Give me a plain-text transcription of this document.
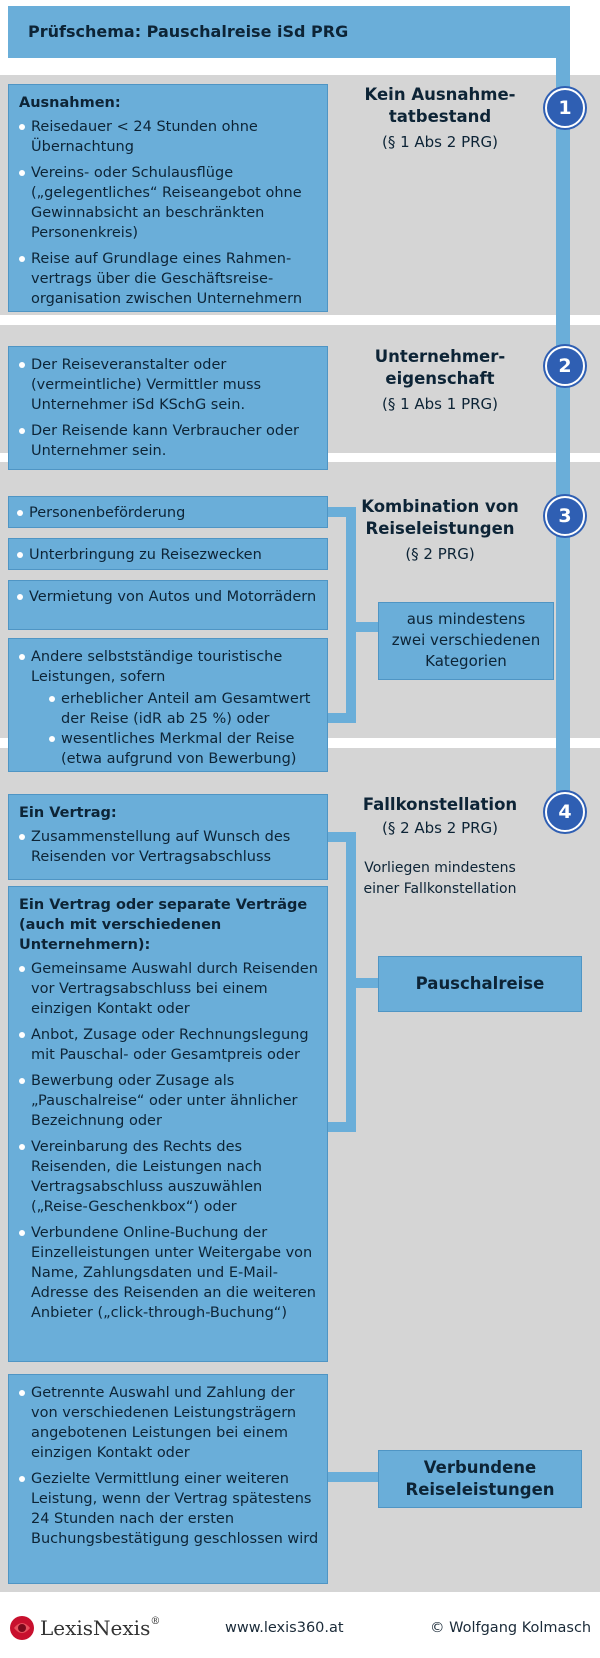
Prüfschema: Pauschalreise iSd PRG
1
2
3
4
Kein Ausnahme-
tatbestand
(§ 1 Abs 2 PRG)
Unternehmer-
eigenschaft
(§ 1 Abs 1 PRG)
Kombination von
Reiseleistungen
(§ 2 PRG)
Fallkonstellation
(§ 2 Abs 2 PRG)
Vorliegen mindestens
einer Fallkonstellation
Ausnahmen:
Reisedauer < 24 Stunden ohne Übernachtung
Vereins- oder Schulausflüge („gelegentliches“ Reiseangebot ohne Gewinnabsicht an beschränkten Personenkreis)
Reise auf Grundlage eines Rahmenvertrags über die Geschäftsreiseorganisation zwischen Unternehmern
Der Reiseveranstalter oder (vermeintliche) Vermittler muss Unternehmer iSd KSchG sein.
Der Reisende kann Verbraucher oder Unternehmer sein.
Personenbeförderung
Unterbringung zu Reisezwecken
Vermietung von Autos und Motorrädern
Andere selbstständige touristische Leistungen, sofern
erheblicher Anteil am Gesamtwert der Reise (idR ab 25 %) oder
wesentliches Merkmal der Reise (etwa aufgrund von Bewerbung)
aus mindestens
zwei verschiedenen
Kategorien
Ein Vertrag:
Zusammenstellung auf Wunsch des Reisenden vor Vertragsabschluss
Ein Vertrag oder separate Verträge
(auch mit verschiedenen
Unternehmern):
Gemeinsame Auswahl durch Reisenden vor Vertragsabschluss bei einem einzigen Kontakt oder
Anbot, Zusage oder Rechnungslegung mit Pauschal- oder Gesamtpreis oder
Bewerbung oder Zusage als „Pauschalreise“ oder unter ähnlicher Bezeichnung oder
Vereinbarung des Rechts des Reisenden, die Leistungen nach Vertragsabschluss auszuwählen („Reise-Geschenkbox“) oder
Verbundene Online-Buchung der Einzelleistungen unter Weitergabe von Name, Zahlungsdaten und E-Mail-Adresse des Reisenden an die weiteren Anbieter („click-through-Buchung“)
Pauschalreise
Getrennte Auswahl und Zahlung der von verschiedenen Leistungsträgern angebotenen Leistungen bei einem einzigen Kontakt oder
Gezielte Vermittlung einer weiteren Leistung, wenn der Vertrag spätestens 24 Stunden nach der ersten Buchungsbestätigung geschlossen wird
Verbundene
Reiseleistungen
LexisNexis®	www.lexis360.at	© Wolfgang Kolmasch
